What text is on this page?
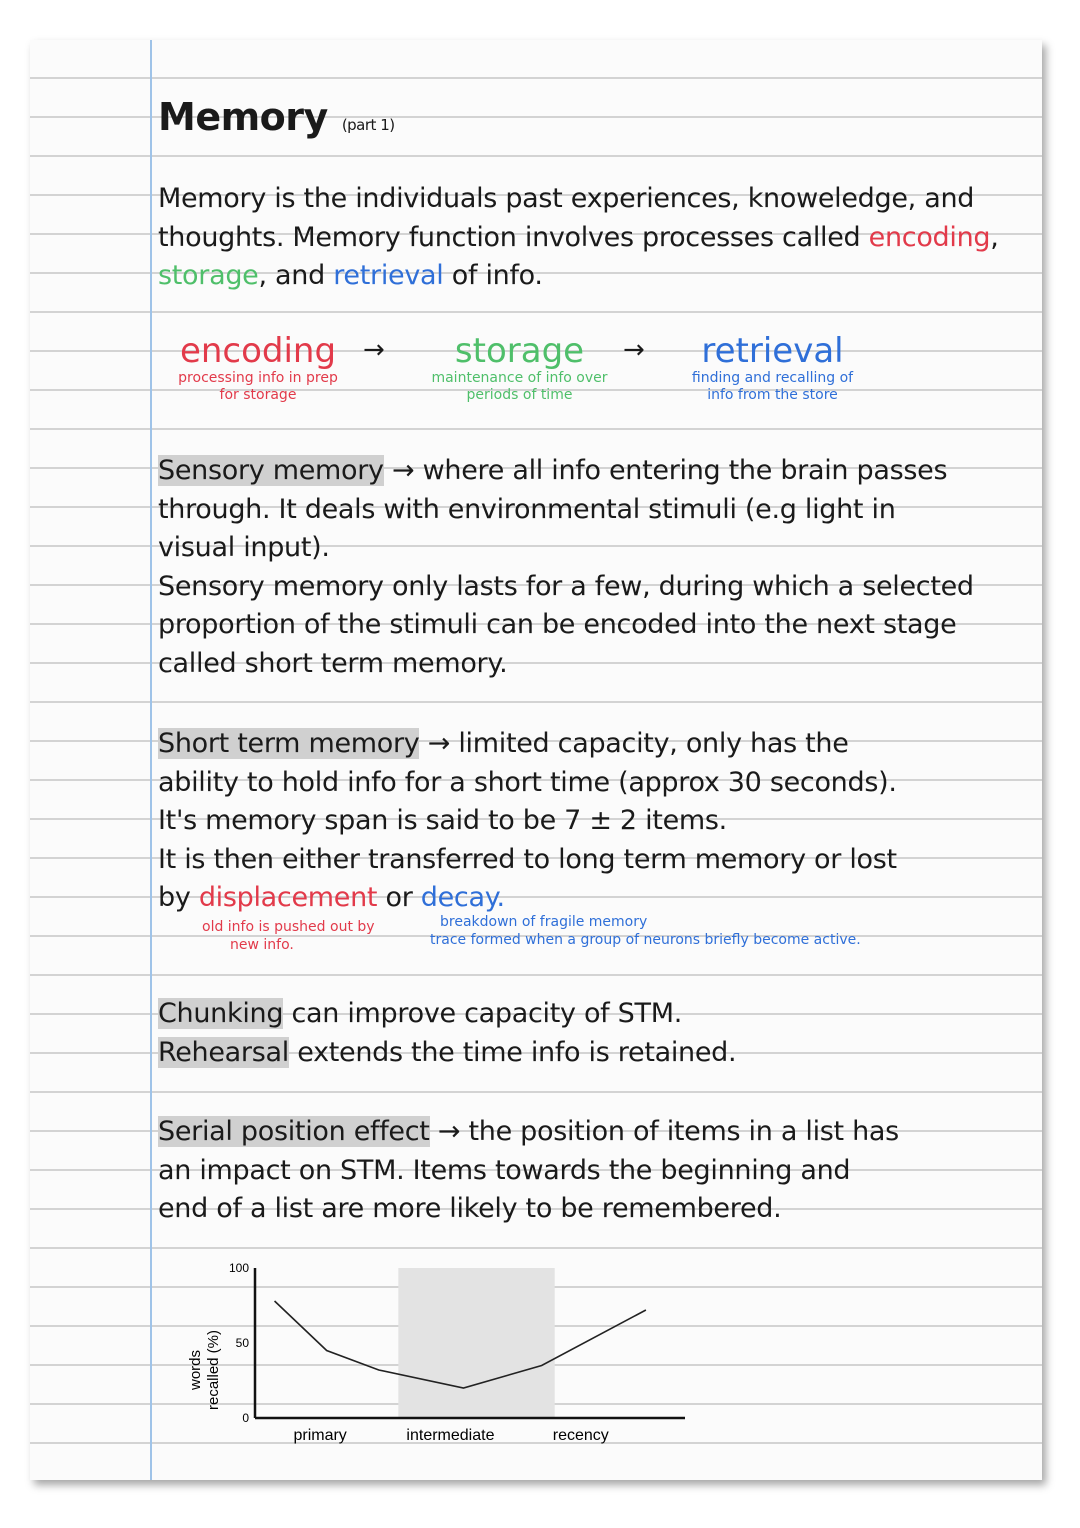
Memory (part 1)
Memory is the individuals past experiences, knoweledge, and
thoughts. Memory function involves processes called encoding,
storage, and retrieval of info.
encoding
processing info in prep
for storage
→	storage
maintenance of info over
periods of time
→	retrieval
finding and recalling of
info from the store
Sensory memory → where all info entering the brain passes
through. It deals with environmental stimuli (e.g light in
visual input).
Sensory memory only lasts for a few, during which a selected
proportion of the stimuli can be encoded into the next stage
called short term memory.
Short term memory → limited capacity, only has the
ability to hold info for a short time (approx 30 seconds).
It's memory span is said to be 7 ± 2 items.
It is then either transferred to long term memory or lost
by displacement or decay.
old info is pushed out by
new info.
breakdown of fragile memory
trace formed when a group of neurons briefly become active.
Chunking can improve capacity of STM.
Rehearsal extends the time info is retained.
Serial position effect → the position of items in a list has
an impact on STM. Items towards the beginning and
end of a list are more likely to be remembered.
words recalled (%)
0
50
100
primary	intermediate	recency
